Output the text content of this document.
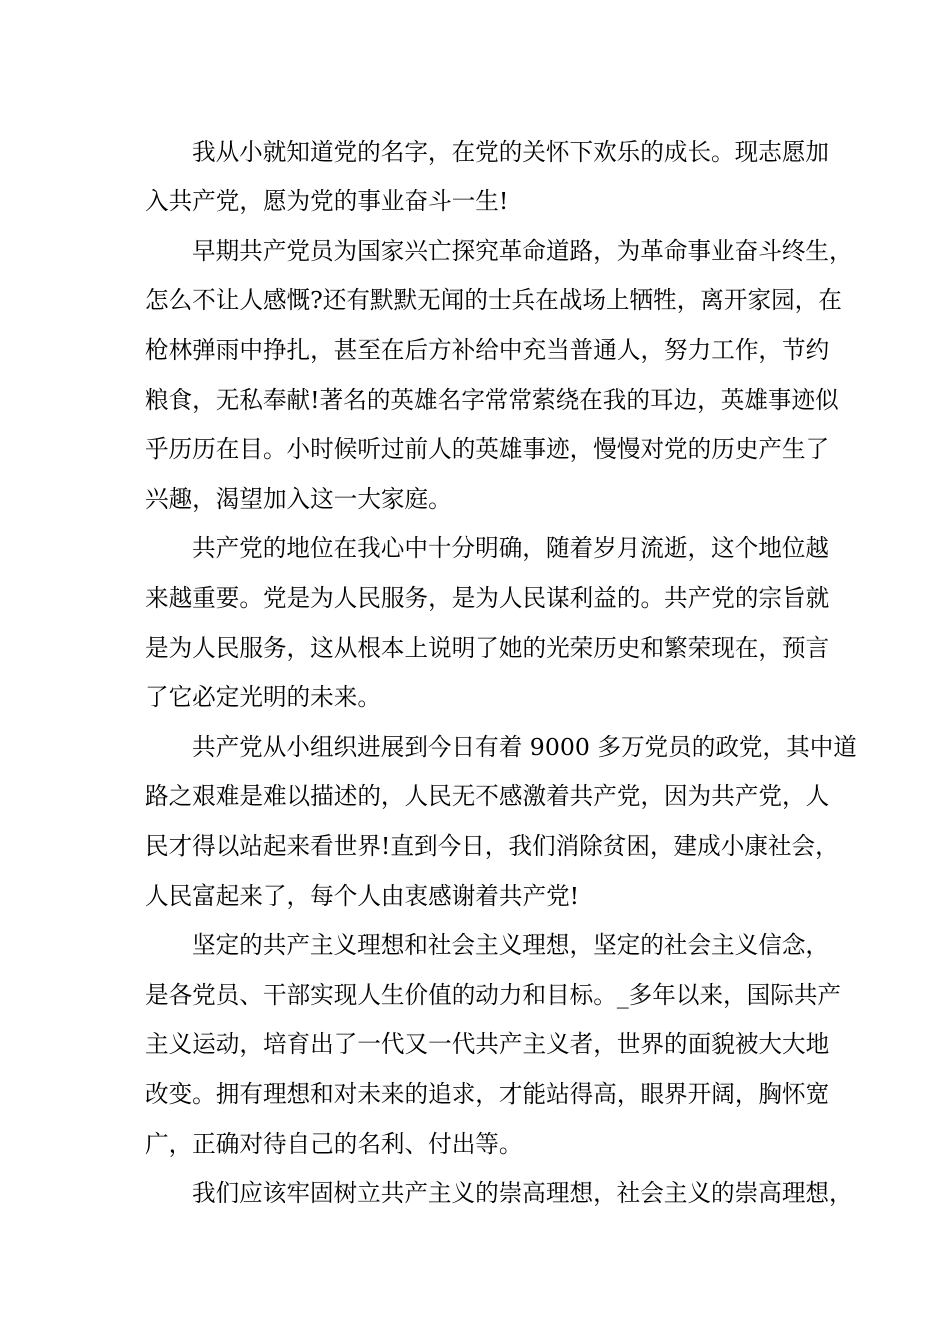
我从小就知道党的名字，在党的关怀下欢乐的成长。现志愿加
入共产党，愿为党的事业奋斗一生!
早期共产党员为国家兴亡探究革命道路，为革命事业奋斗终生，
怎么不让人感慨?还有默默无闻的士兵在战场上牺牲，离开家园，在
枪林弹雨中挣扎，甚至在后方补给中充当普通人，努力工作，节约
粮食，无私奉献!著名的英雄名字常常萦绕在我的耳边，英雄事迹似
乎历历在目。小时候听过前人的英雄事迹，慢慢对党的历史产生了
兴趣，渴望加入这一大家庭。
共产党的地位在我心中十分明确，随着岁月流逝，这个地位越
来越重要。党是为人民服务，是为人民谋利益的。共产党的宗旨就
是为人民服务，这从根本上说明了她的光荣历史和繁荣现在，预言
了它必定光明的未来。
共产党从小组织进展到今日有着 9000 多万党员的政党，其中道
路之艰难是难以描述的，人民无不感激着共产党，因为共产党，人
民才得以站起来看世界!直到今日，我们消除贫困，建成小康社会，
人民富起来了，每个人由衷感谢着共产党!
坚定的共产主义理想和社会主义理想，坚定的社会主义信念，
是各党员、干部实现人生价值的动力和目标。_多年以来，国际共产
主义运动，培育出了一代又一代共产主义者，世界的面貌被大大地
改变。拥有理想和对未来的追求，才能站得高，眼界开阔，胸怀宽
广，正确对待自己的名利、付出等。
我们应该牢固树立共产主义的崇高理想，社会主义的崇高理想，
